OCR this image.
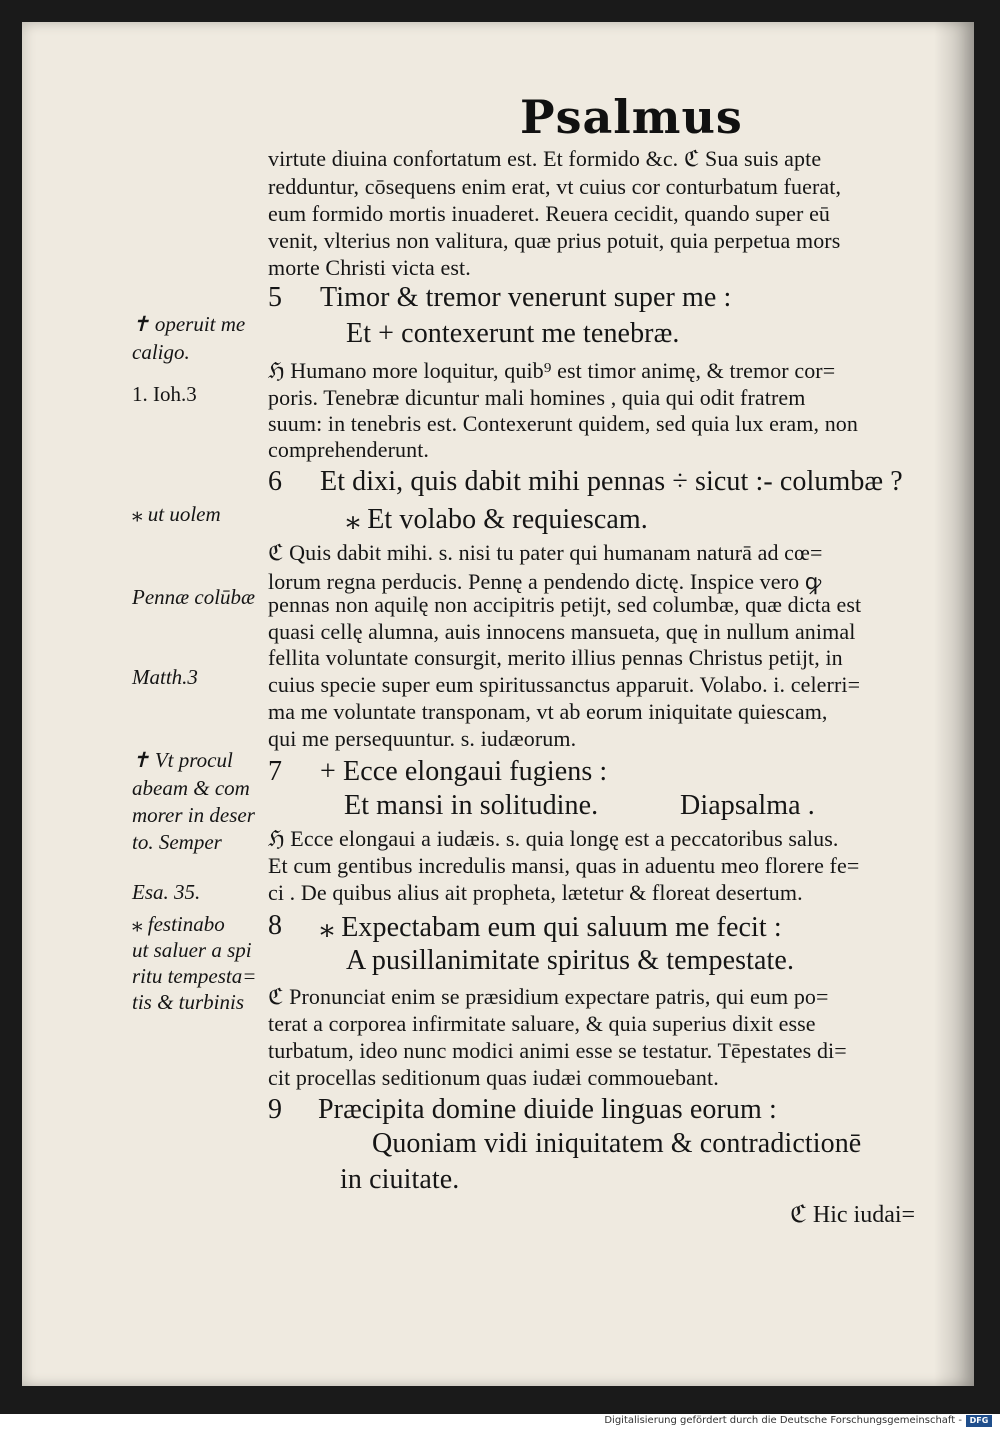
Psalmus
virtute diuina confortatum est. Et formido &c. ℭ Sua suis apte
redduntur, cōsequens enim erat, vt cuius cor conturbatum fuerat,
eum formido mortis inuaderet. Reuera cecidit, quando super eū
venit, vlterius non valitura, quæ prius potuit, quia perpetua mors
morte Christi victa est.
5 Timor & tremor venerunt super me :
Et + contexerunt me tenebræ.
ℌ Humano more loquitur, quib⁹ est timor animę, & tremor cor=
poris. Tenebræ dicuntur mali homines , quia qui odit fratrem
suum: in tenebris est. Contexerunt quidem, sed quia lux eram, non
comprehenderunt.
6 Et dixi, quis dabit mihi pennas ÷ sicut :- columbæ ?
⁎ Et volabo & requiescam.
ℭ Quis dabit mihi. s. nisi tu pater qui humanam naturā ad cœ=
lorum regna perducis. Pennę a pendendo dictę. Inspice vero ꝙ
pennas non aquilę non accipitris petijt, sed columbæ, quæ dicta est
quasi cellę alumna, auis innocens mansueta, quę in nullum animal
fellita voluntate consurgit, merito illius pennas Christus petijt, in
cuius specie super eum spiritussanctus apparuit. Volabo. i. celerri=
ma me voluntate transponam, vt ab eorum iniquitate quiescam,
qui me persequuntur. s. iudæorum.
7 + Ecce elongaui fugiens :
Et mansi in solitudine.	Diapsalma .
ℌ Ecce elongaui a iudæis. s. quia longę est a peccatoribus salus.
Et cum gentibus incredulis mansi, quas in aduentu meo florere fe=
ci . De quibus alius ait propheta, lætetur & floreat desertum.
8 ⁎ Expectabam eum qui saluum me fecit :
A pusillanimitate spiritus & tempestate.
ℭ Pronunciat enim se præsidium expectare patris, qui eum po=
terat a corporea infirmitate saluare, & quia superius dixit esse
turbatum, ideo nunc modici animi esse se testatur. Tēpestates di=
cit procellas seditionum quas iudæi commouebant.
9 Præcipita domine diuide linguas eorum :
Quoniam vidi iniquitatem & contradictionē
in ciuitate.
ℭ Hic iudai=
✝ operuit me
caligo.
1. Ioh.3
⁎ ut uolem
Pennæ colūbæ
Matth.3
✝ Vt procul
abeam & com
morer in deser
to. Semper
Esa. 35.
⁎ festinabo
ut saluer a spi
ritu tempesta=
tis & turbinis
Digitalisierung gefördert durch die Deutsche Forschungsgemeinschaft - DFG
